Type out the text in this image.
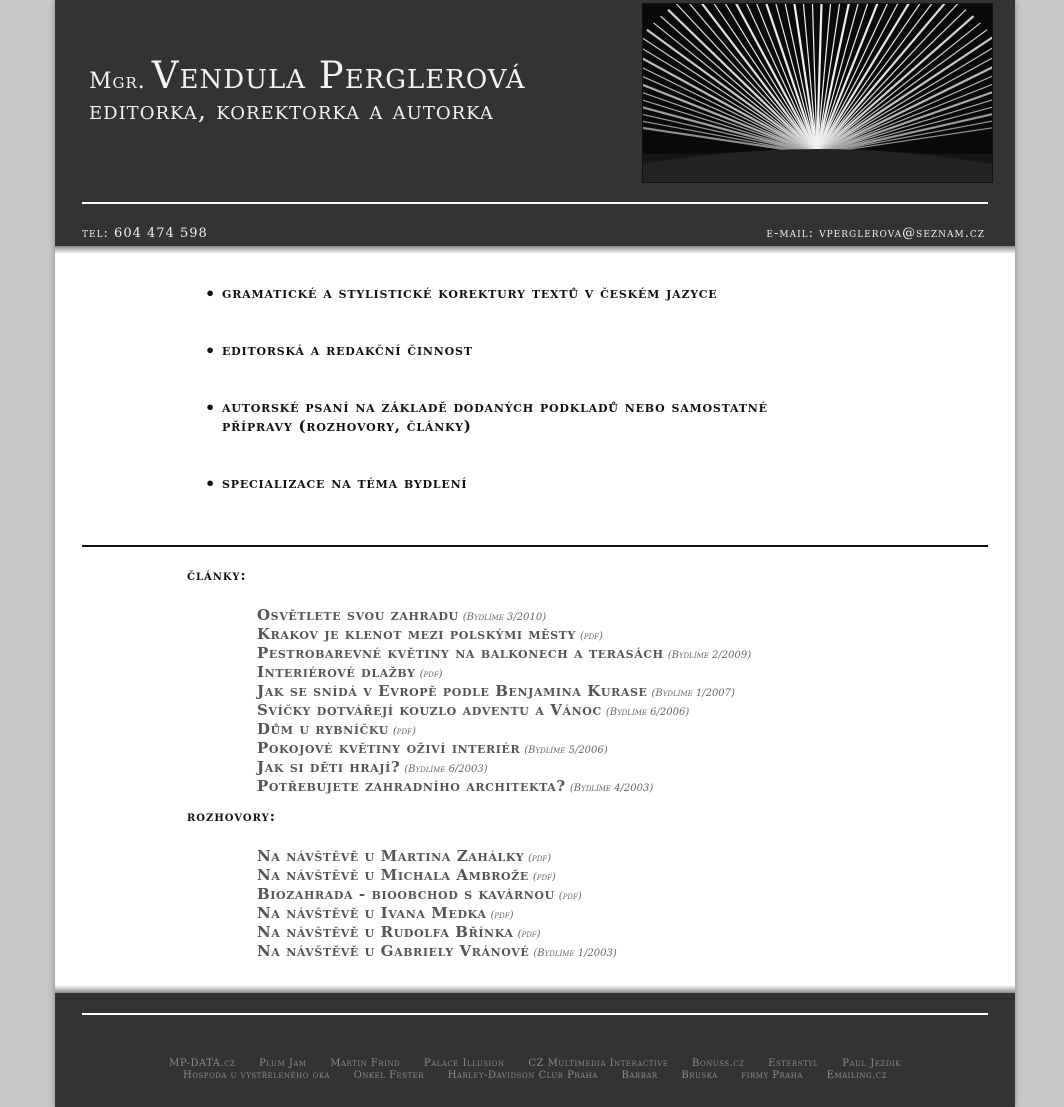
Mgr. Vendula Perglerová
editorka, korektorka a autorka
tel: 604 474 598	e-mail: vperglerova@seznam.cz
• gramatické a stylistické korektury textů v českém jazyce
• editorská a redakční činnost
• autorské psaní na základě dodaných podkladů nebo samostatné přípravy (rozhovory, články)
• specializace na téma bydlení
články:
Osvětlete svou zahradu (Bydlíme 3/2010)
Krakov je klenot mezi polskými městy (pdf)
Pestrobarevné květiny na balkonech a terasách (Bydlíme 2/2009)
Interiérové dlažby (pdf)
Jak se snídá v Evropě podle Benjamina Kurase (Bydlíme 1/2007)
Svíčky dotvářejí kouzlo adventu a Vánoc (Bydlíme 6/2006)
Dům u rybníčku (pdf)
Pokojové květiny oživí interiér (Bydlíme 5/2006)
Jak si děti hrají? (Bydlíme 6/2003)
Potřebujete zahradního architekta? (Bydlíme 4/2003)
rozhovory:
Na návštěvě u Martina Zahálky (pdf)
Na návštěvě u Michala Ambrože (pdf)
Biozahrada - bioobchod s kavárnou (pdf)
Na návštěvě u Ivana Medka (pdf)
Na návštěvě u Rudolfa Břínka (pdf)
Na návštěvě u Gabriely Vránové (Bydlíme 1/2003)
MP-DATA.cz Plum Jam Martin Frind Palace Illusion CZ Multimedia Interactive Bonuss.cz Esterstyl Paul Jezdik
Hospoda u vystřeleného oka Onkel Fester Harley-Davidson Club Praha Barbar Bruska firmy Praha Emailing.cz
